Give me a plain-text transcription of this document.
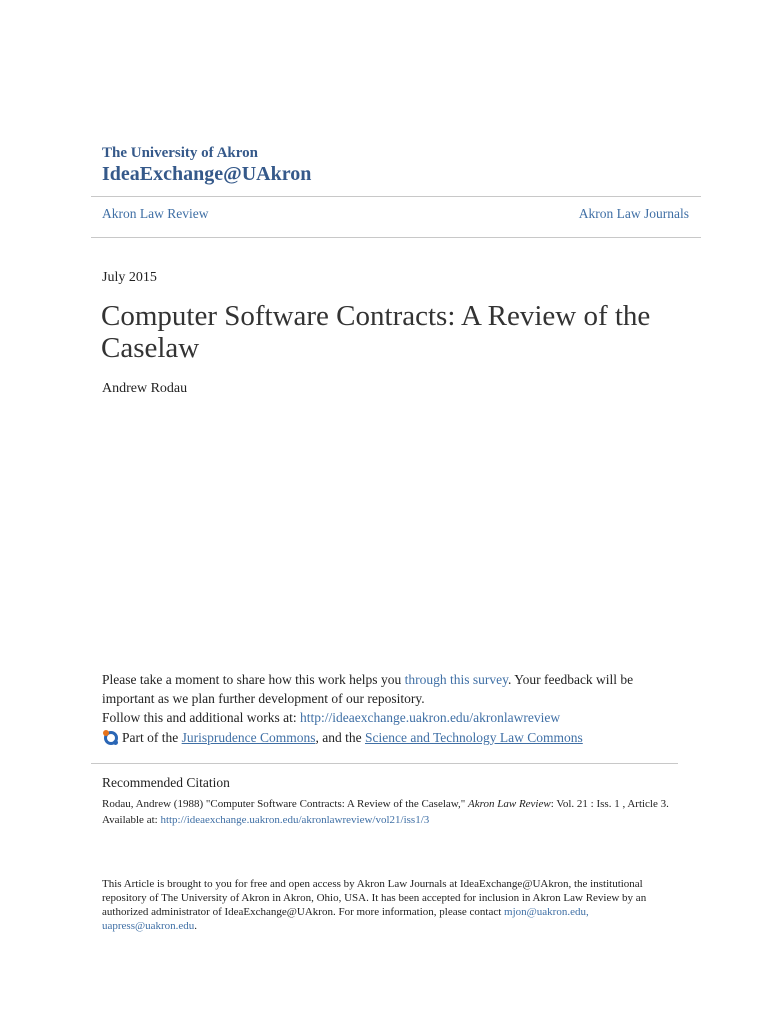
The University of Akron
IdeaExchange@UAkron
Akron Law Review	Akron Law Journals
July 2015
Computer Software Contracts: A Review of the Caselaw
Andrew Rodau

Please take a moment to share how this work helps you through this survey. Your feedback will be important as we plan further development of our repository.

Follow this and additional works at: http://ideaexchange.uakron.edu/akronlawreview

Part of the
Jurisprudence Commons , and the
Science and Technology Law Commons
Recommended Citation

Rodau, Andrew (1988) "Computer Software Contracts: A Review of the Caselaw," Akron Law Review: Vol. 21 : Iss. 1 , Article 3.

Available at: http://ideaexchange.uakron.edu/akronlawreview/vol21/iss1/3

This Article is brought to you for free and open access by Akron Law Journals at IdeaExchange@UAkron, the institutional repository of The University of Akron in Akron, Ohio, USA. It has been accepted for inclusion in Akron Law Review by an authorized administrator of IdeaExchange@UAkron. For more information, please contact mjon@uakron.edu, uapress@uakron.edu.
